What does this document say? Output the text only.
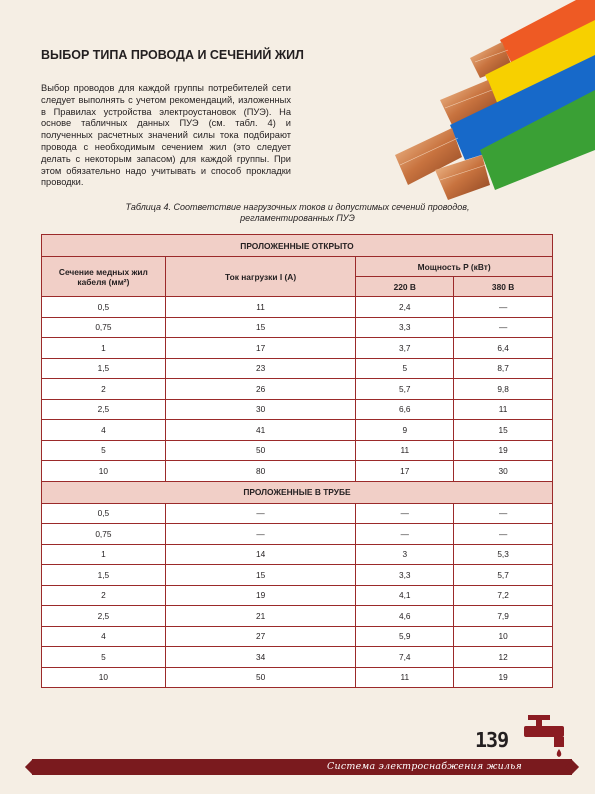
ВЫБОР ТИПА ПРОВОДА И СЕЧЕНИЙ ЖИЛ

Выбор проводов для каждой группы потребителей сети следует выполнять с учетом рекомендаций, изложенных в Правилах устройства электроустановок (ПУЭ). На основе табличных данных ПУЭ (см. табл. 4) и полученных расчетных значений силы тока подбирают провода с необходимым сечением жил (это следует делать с некоторым запасом) для каждой группы. При этом обязательно надо учитывать и способ прокладки проводки.

Таблица 4. Соответствие нагрузочных токов и допустимых сечений проводов,
регламентированных ПУЭ
ПРОЛОЖЕННЫЕ ОТКРЫТО			
Сечение медных жил кабеля (мм²)	Ток нагрузки I (А)	Мощность P (кВт)	
		220 В	380 В
0,5	11	2,4	—
0,75	15	3,3	—
1	17	3,7	6,4
1,5	23	5	8,7
2	26	5,7	9,8
2,5	30	6,6	11
4	41	9	15
5	50	11	19
10	80	17	30
ПРОЛОЖЕННЫЕ В ТРУБЕ			
0,5	—	—	—
0,75	—	—	—
1	14	3	5,3
1,5	15	3,3	5,7
2	19	4,1	7,2
2,5	21	4,6	7,9
4	27	5,9	10
5	34	7,4	12
10	50	11	19
139
Система электроснабжения жилья
